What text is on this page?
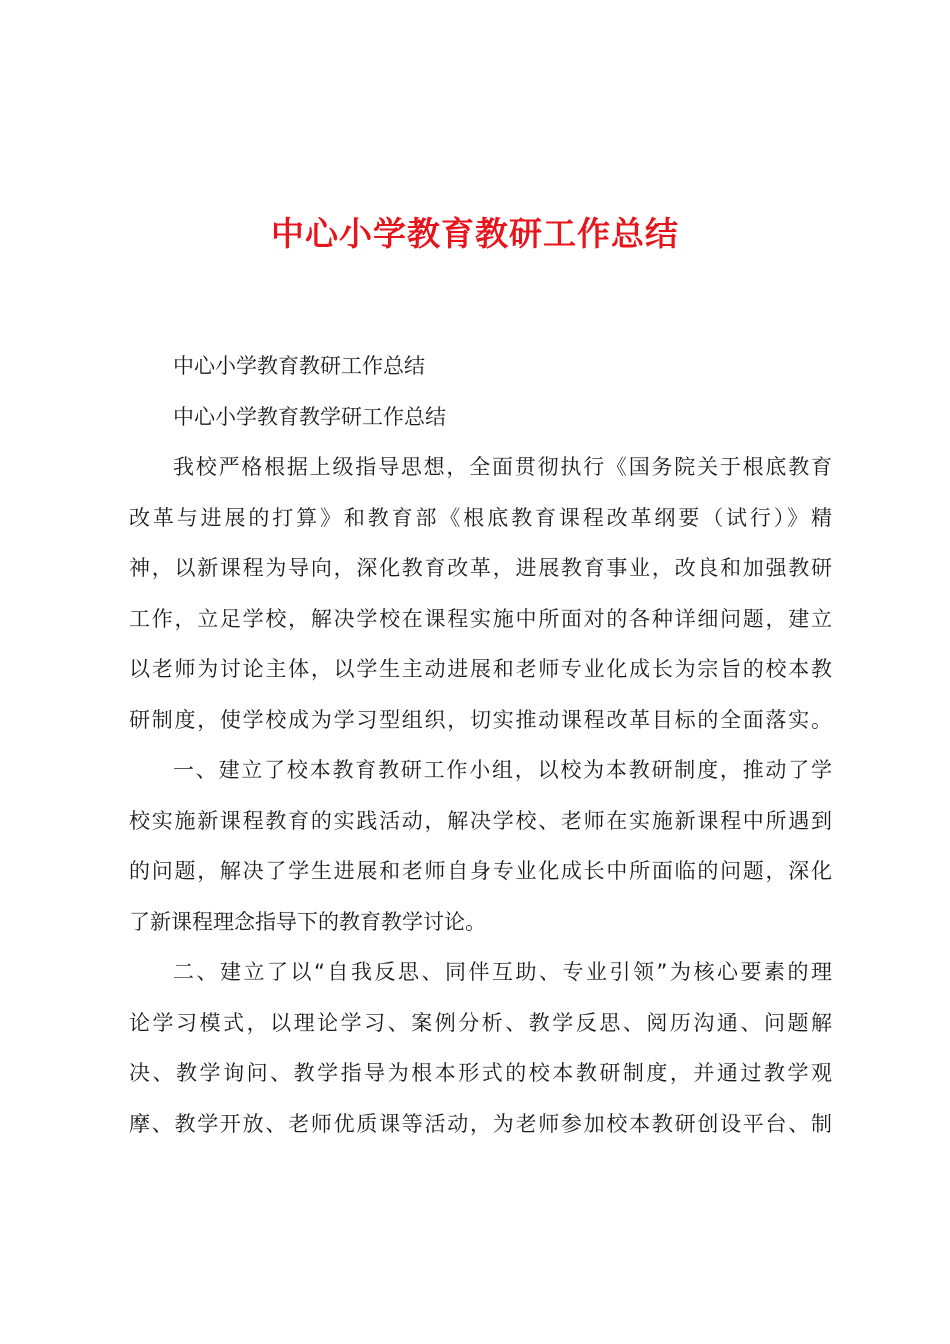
中心小学教育教研工作总结
中心小学教育教研工作总结
中心小学教育教学研工作总结
我校严格根据上级指导思想，全面贯彻执行《国务院关于根底教育
改革与进展的打算》和教育部《根底教育课程改革纲要（试行）》精
神，以新课程为导向，深化教育改革，进展教育事业，改良和加强教研
工作，立足学校，解决学校在课程实施中所面对的各种详细问题，建立
以老师为讨论主体，以学生主动进展和老师专业化成长为宗旨的校本教
研制度，使学校成为学习型组织，切实推动课程改革目标的全面落实。
一、建立了校本教育教研工作小组，以校为本教研制度，推动了学
校实施新课程教育的实践活动，解决学校、老师在实施新课程中所遇到
的问题，解决了学生进展和老师自身专业化成长中所面临的问题，深化
了新课程理念指导下的教育教学讨论。
二、建立了以“自我反思、同伴互助、专业引领”为核心要素的理
论学习模式，以理论学习、案例分析、教学反思、阅历沟通、问题解
决、教学询问、教学指导为根本形式的校本教研制度，并通过教学观
摩、教学开放、老师优质课等活动，为老师参加校本教研创设平台、制
